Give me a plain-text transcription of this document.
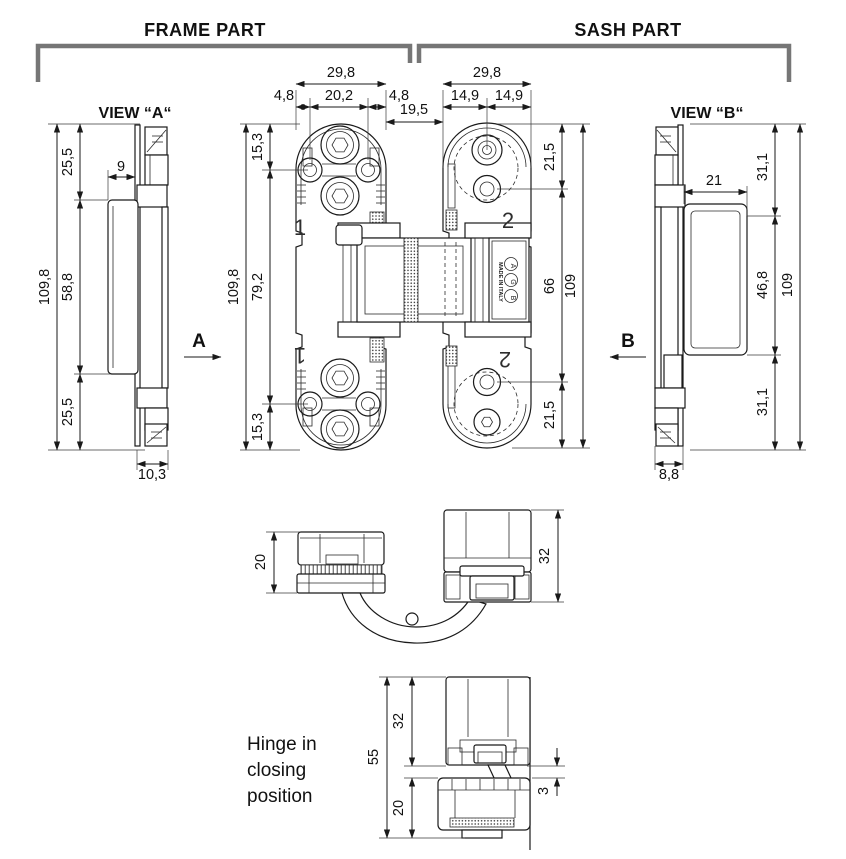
FRAME PART	SASH PART
VIEW “A“
109,8
25,5
58,8
25,5
9
10,3
A
MADE IN ITALY A
G
B
1
1
2
2
29,8
4,8 20,2 4,8
19,5
109,8
15,3
79,2
15,3
29,8
14,9 14,9
21,5
66
21,5
109
VIEW “B“
21 31,1
46,8
31,1
109
8,8
B
20	32
55
32
3
20
Hinge in
closing
position
